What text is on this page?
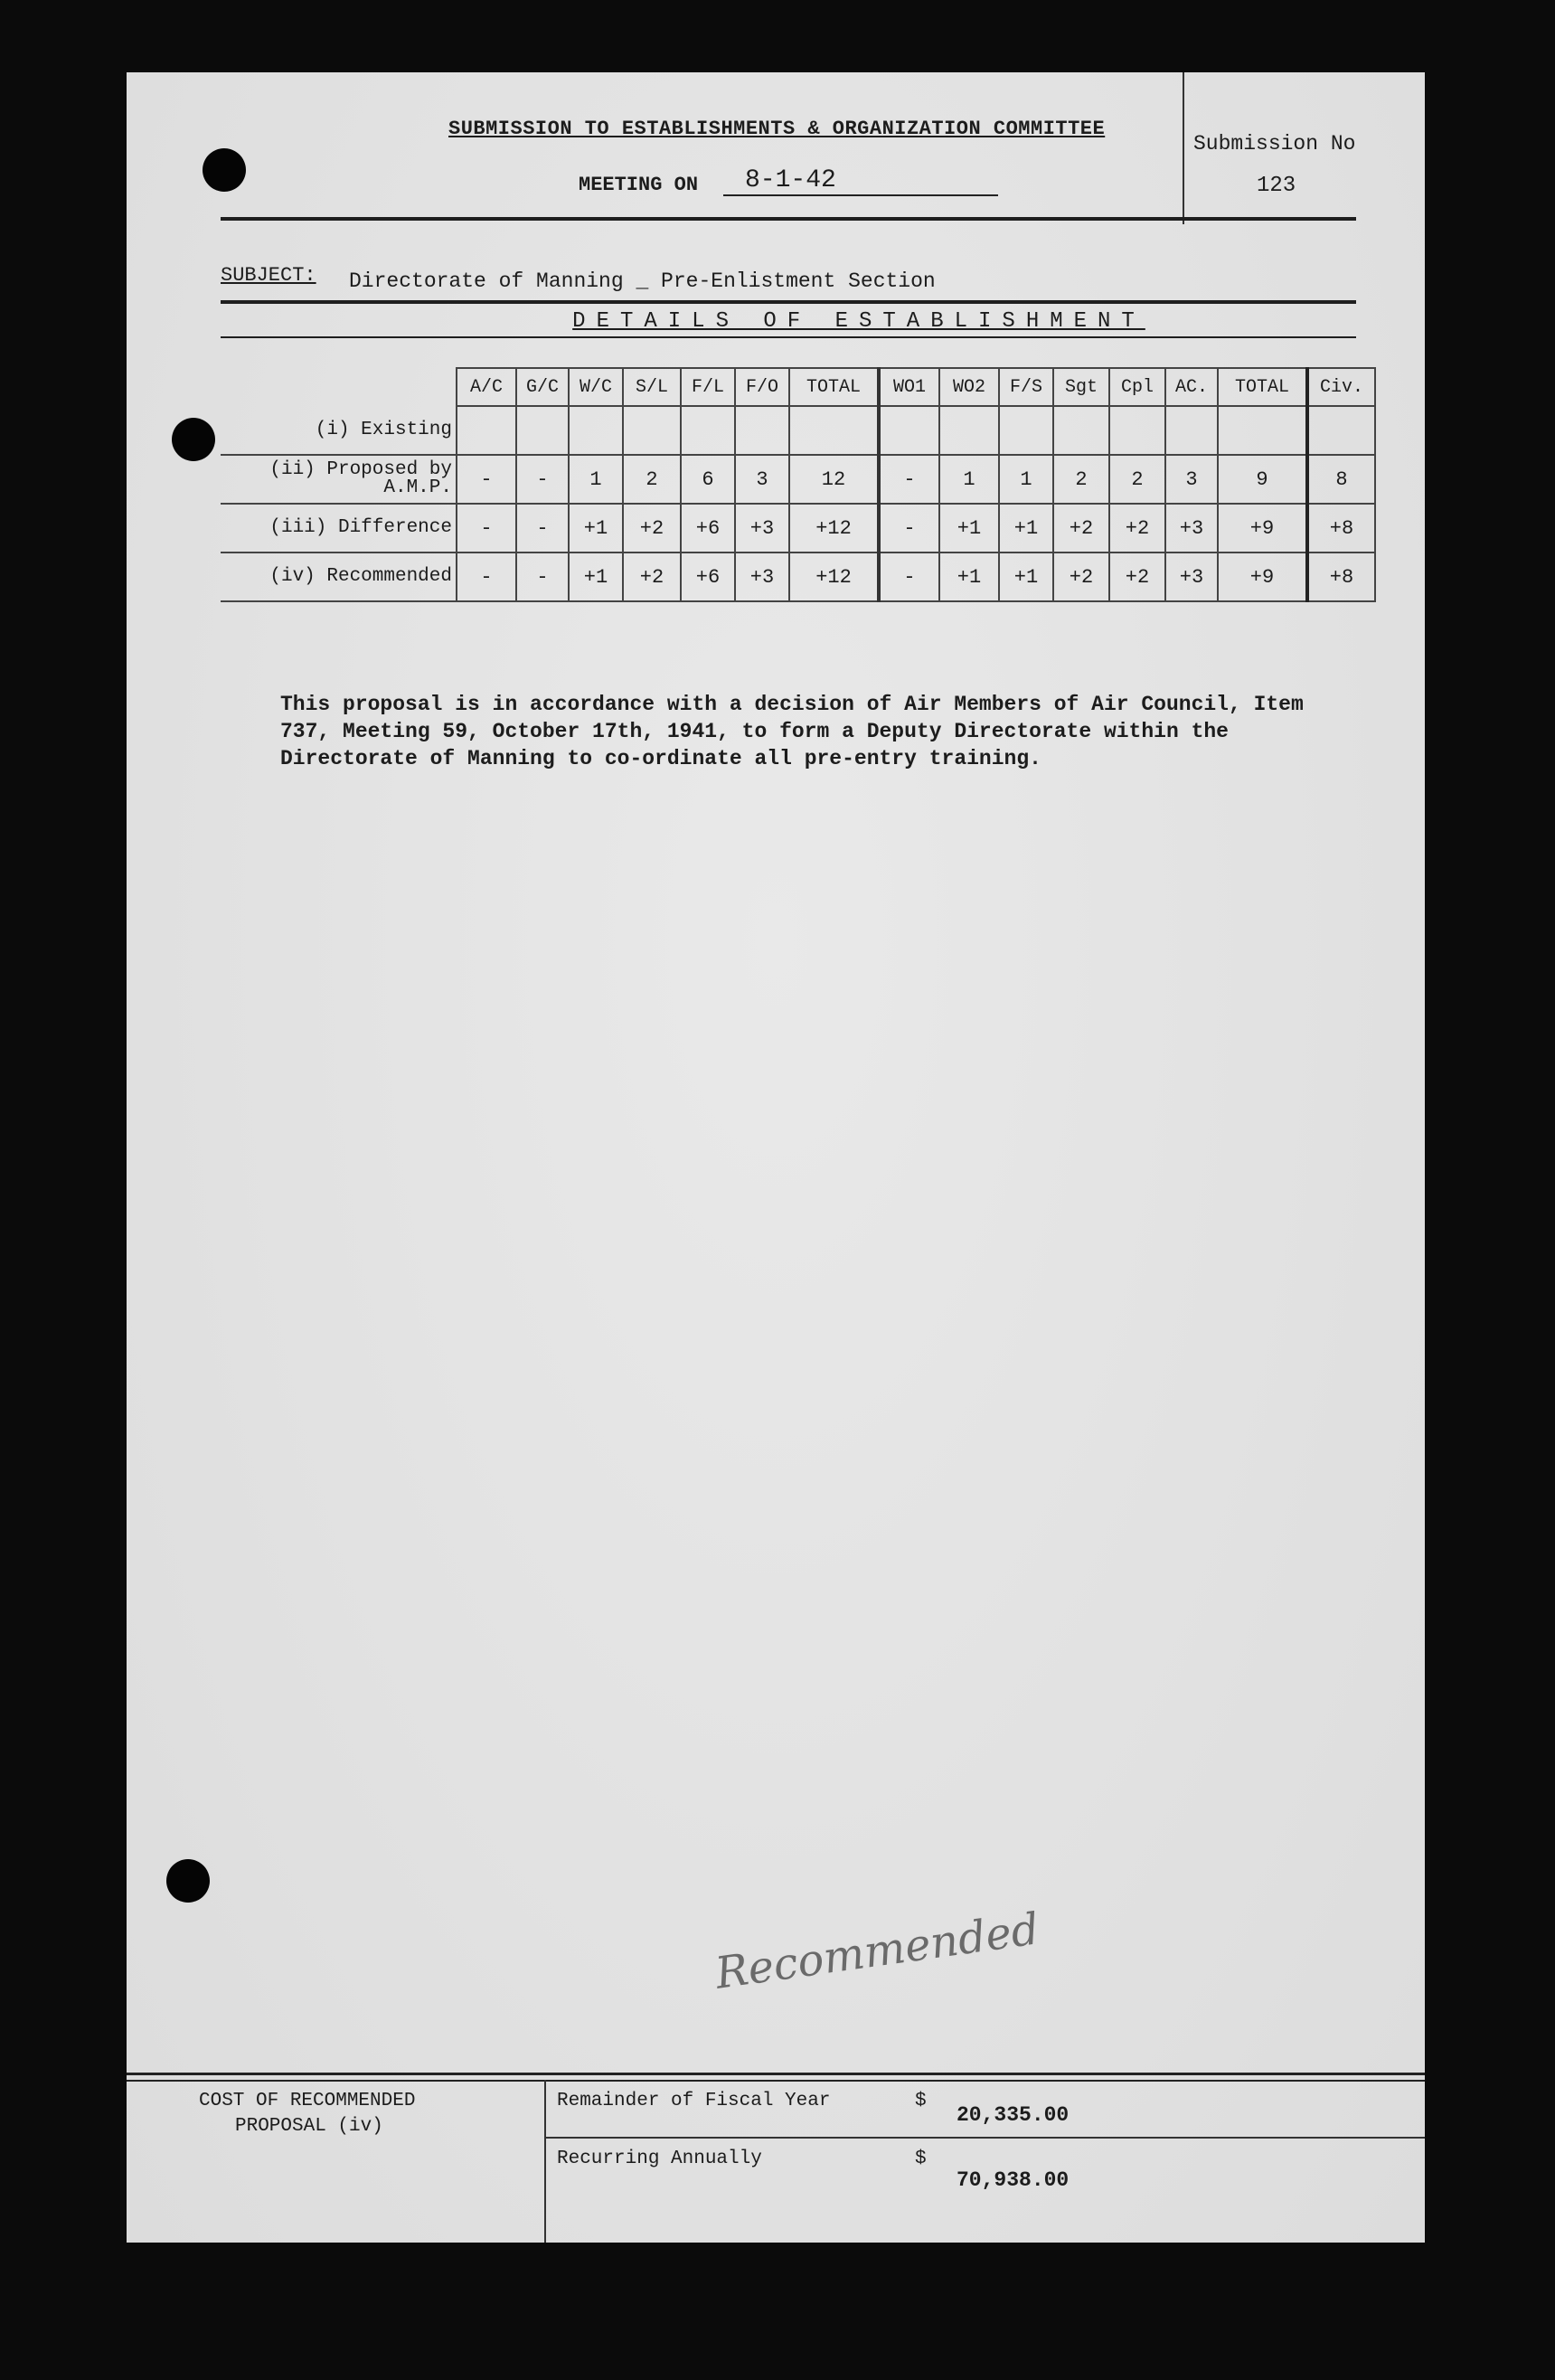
SUBMISSION TO ESTABLISHMENTS & ORGANIZATION COMMITTEE
MEETING ON	8-1-42
Submission No
123
SUBJECT: Directorate of Manning _ Pre-Enlistment Section
DETAILS OF ESTABLISHMENT
	A/C	G/C	W/C	S/L	F/L	F/O	TOTAL	WO1	WO2	F/S	Sgt	Cpl	AC.	TOTAL	Civ.
(i) Existing															
(ii) Proposed by A.M.P.	-	-	1	2	6	3	12	-	1	1	2	2	3	9	8
(iii) Difference	-	-	+1	+2	+6	+3	+12	-	+1	+1	+2	+2	+3	+9	+8
(iv) Recommended	-	-	+1	+2	+6	+3	+12	-	+1	+1	+2	+2	+3	+9	+8
This proposal is in accordance with a decision of Air Members of Air Council, Item 737, Meeting 59, October 17th, 1941, to form a Deputy Directorate within the Directorate of Manning to co-ordinate all pre-entry training.
Recommended
COST OF RECOMMENDED
PROPOSAL (iv)
Remainder of Fiscal Year	$
20,335.00
Recurring Annually	$
70,938.00
